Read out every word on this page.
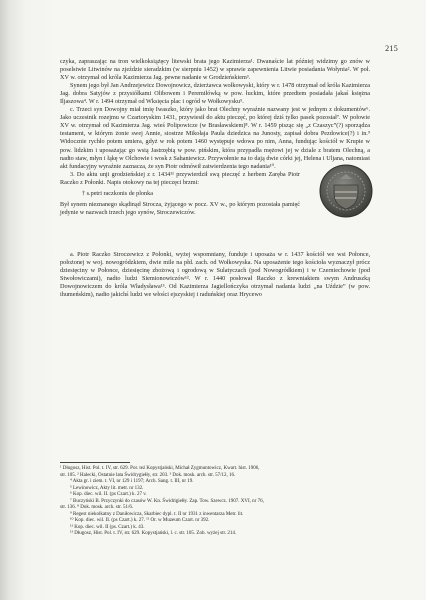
215

czyka, zapraszając na tron wielkoksiążęcy litewski brata jego Kazimierza¹. Dwanaście lat później widzimy go znów w poselstwie Litwinów na zjeździe sieradzkim (w sierpniu 1452) w sprawie zapewnienia Litwie posiadania Wołynia². W poł. XV w. otrzymał od króla Kazimierza Jag. pewne nadanie w Grodzieńskiem³.

Synem jego był Jan Andrzejewicz Dowojnowicz, dzierżawca wołkowyski, który w r. 1478 otrzymał od króla Kazimierza Jag. dobra Satyjów z przysiółkami Olibowem i Peremiłówką w pow. łuckim, które przedtem posiadała jakaś księżna Iljaszowa⁴. W r. 1494 otrzymał od Wksięcia plac i ogród w Wołkowysku⁵.

c. Trzeci syn Dowojny miał imię Iwaszko, który jako brat Olechny wyraźnie nazwany jest w jednym z dokumentów⁶. Jako uczestnik rozejmu w Czartoryskim 1431, przywiesił do aktu pieczęć, po której dziś tylko pasek pozostał⁷. W połowie XV w. otrzymał od Kazimierza Jag. wieś Polipowicze (w Brasławskiem)⁸. W r. 1459 pisząc się „z Czaszyc”(?) sporządza testament, w którym żonie swej Annie, siostrze Mikołaja Paula dziedzica na Junosty, zapisał dobra Pezdowice(?) i in.⁹ Widocznie rychło potem umiera, gdyż w rok potem 1460 występuje wdowa po nim, Anna, fundując kościół w Krupie w pow. lidzkim i uposażając go wsią Jastrzębią w pow. pińskim, która przypadła mężowi jej w dziale z bratem Olechną, a nadto staw, młyn i łąkę w Olchowie i wosk z Sahaniewicz. Przywołenie na to dają dwie córki jej, Helena i Uljana, natomiast akt fundacyjny wyraźnie zaznacza, że syn Piotr odmówił zatwierdzenia tego nadania¹⁰.

3. Do aktu unji grodzieńskiej z r. 1434¹¹ przywierdził swą pieczęć z herbem Zaręba Piotr Raczko z Połonki. Napis otokowy na tej pieczęci brzmi:

† s.petri raczkonis de plonka

Był synem nieznanego skądinąd Stroczа, żyjącego w pocz. XV w., po którym pozostała pamięć jedynie w nazwach trzech jego synów, Stroczewiczów.

a. Piotr Raczko Stroczewicz z Połonki, wyżej wspomniany, funduje i uposaża w r. 1437 kościół we wsi Połonce, położonej w woj. nowogródzkiem, dwie mile na płd. zach. od Wołkowyska. Na uposażenie tego kościoła wyznaczył prócz dziesięciny w Połonce, dziesięcinę zbożową i ogrodową w Sulatyczach (pod Nowogródkiem) i w Czerniechowie (pod Stwołowiczami), nadto ludzi Siemionowiczów¹². W r. 1440 posłował Raczko z krewniakiem swym Andruszką Dowojnowiczem do króla Władysława¹³. Od Kazimierza Jagiellończyka otrzymał nadania ludzi „na Uździe” (w pow. ihumeńskim), nadto jakichś ludzi we włości ejszyskiej i raduńskiej oraz Hrycewo

¹ Długosz, Hist. Pol. t. IV, str. 629. Por. też Kopystjański, Michał Zygmuntowicz, Kwart. hist. 1906,
str. 105. ² Halecki, Ostatnie lata Świdrygiełły, str. 203. ³ Dok. mosk. arch. str. 57/12, 16.
⁴ Akta gr. i ziem. t. VI, nr 129 i 1197; Arch. Sang. t. III, nr 19.
⁵ Lewinowicz, Akty lit. metr. nr 132.
⁶ Kop. diec. wil. II. (ps Czart.) k. 27 v.
⁷ Buczyński B. Przyczynki do czasów W. Kn. Świdrigiełły. Zap. Tow. Szewcz. 1907. XVI, nr 76,
str. 136. ⁸ Dok. mosk. arch. str. 51/6.
⁹ Regest niekolkatny z Daniłowicza, Skarbiec dypl. t. II nr 1931 z inwentarza Metr. lit.
¹⁰ Kop. diec. wil. II. (ps Czart.) k. 27. ¹¹ Or. w Muzeum Czart. nr 392.
¹² Kop. diec. wil. II (ps. Czart.) k. 43.
¹³ Długosz, Hist. Pol. t. IV, str. 629. Kopystjański, l. c. str. 105. Zob. wyżej str. 214.
